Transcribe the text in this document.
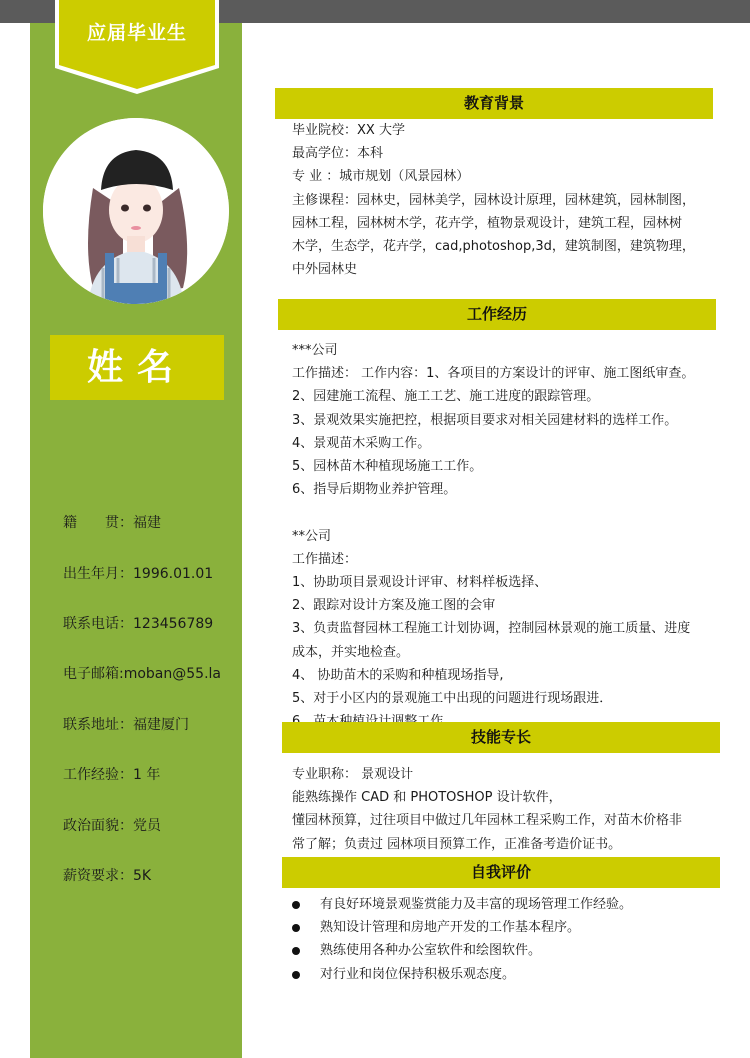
应届毕业生
姓名
籍　　贯：福建
出生年月：1996.01.01
联系电话：123456789
电子邮箱:moban@55.la
联系地址：福建厦门
工作经验：1 年
政治面貌：党员
薪资要求：5K
教育背景
毕业院校：XX 大学
最高学位：本科
专 业 ：城市规划（风景园林）
主修课程：园林史，园林美学，园林设计原理，园林建筑，园林制图，
园林工程，园林树木学，花卉学，植物景观设计，建筑工程，园林树
木学，生态学，花卉学，cad,photoshop,3d，建筑制图，建筑物理，
中外园林史
工作经历
***公司
工作描述： 工作内容：1、各项目的方案设计的评审、施工图纸审查。
2、园建施工流程、施工工艺、施工进度的跟踪管理。
3、景观效果实施把控，根据项目要求对相关园建材料的选样工作。
4、景观苗木采购工作。
5、园林苗木种植现场施工工作。
6、指导后期物业养护管理。
**公司
工作描述：
1、协助项目景观设计评审、材料样板选择、
2、跟踪对设计方案及施工图的会审
3、负责监督园林工程施工计划协调，控制园林景观的施工质量、进度
成本，并实地检查。
4、 协助苗木的采购和种植现场指导,
5、对于小区内的景观施工中出现的问题进行现场跟进．
技能专长
专业职称： 景观设计
能熟练操作 CAD 和 PHOTOSHOP 设计软件，
懂园林预算，过往项目中做过几年园林工程采购工作，对苗木价格非
常了解；负责过 园林项目预算工作，正准备考造价证书。
自我评价
有良好环境景观鉴赏能力及丰富的现场管理工作经验。
熟知设计管理和房地产开发的工作基本程序。
熟练使用各种办公室软件和绘图软件。
对行业和岗位保持积极乐观态度。
